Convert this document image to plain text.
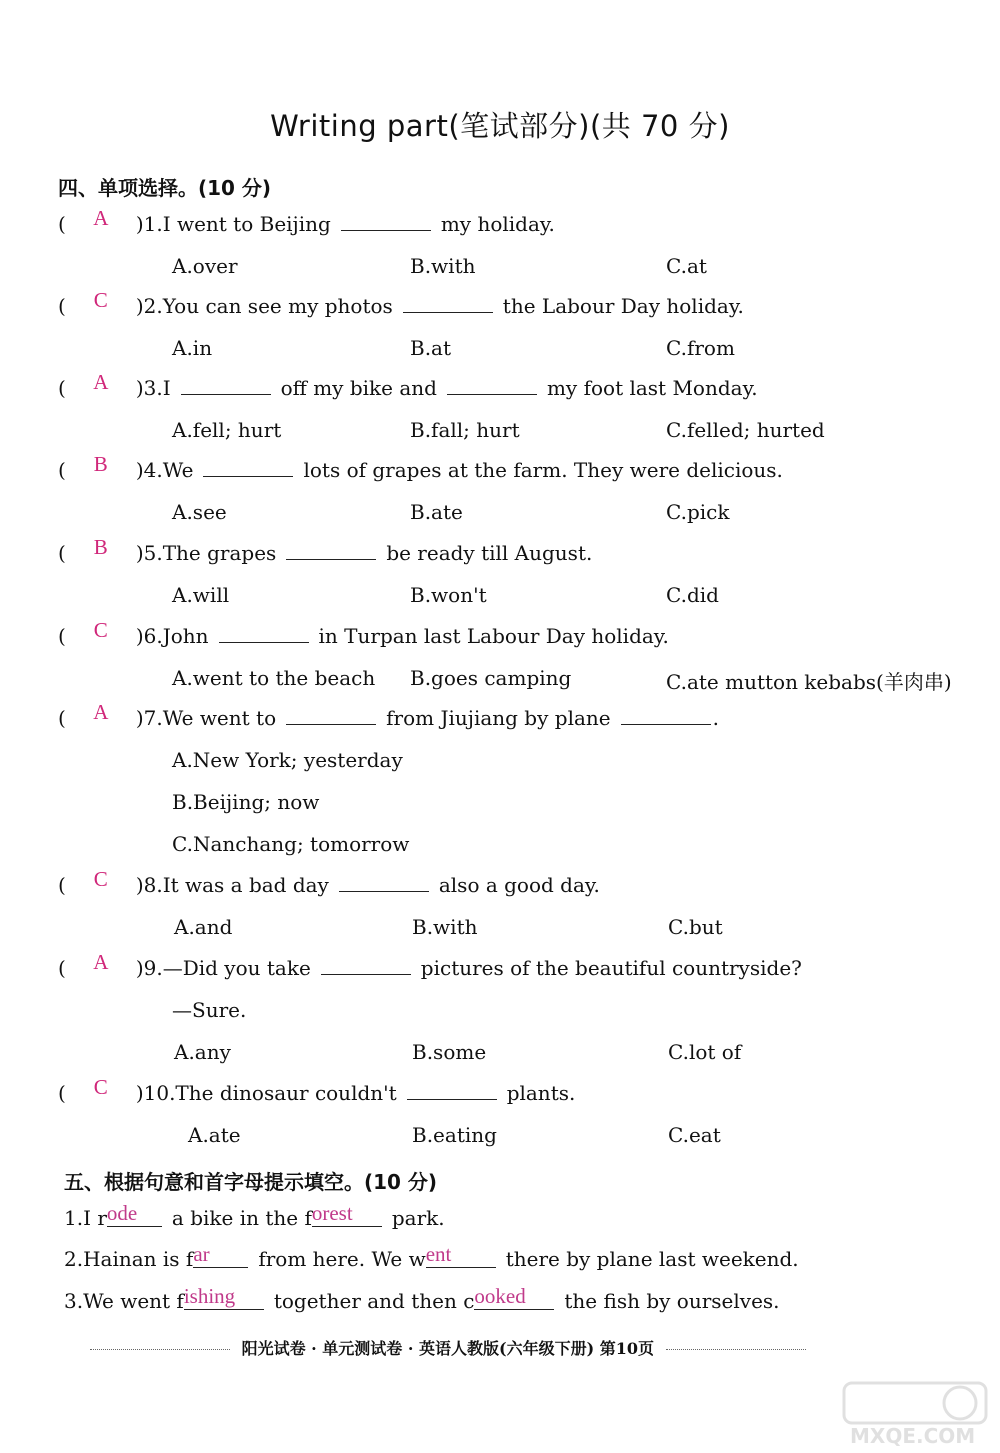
Writing part(笔试部分)(共 70 分)
四、单项选择。(10 分)
( A )1.I went to Beijing	my holiday.
A.over	B.with	C.at
( C )2.You can see my photos	the Labour Day holiday.
A.in	B.at	C.from
( A )3.I	off my bike and	my foot last Monday.
A.fell; hurt	B.fall; hurt	C.felled; hurted
( B )4.We	lots of grapes at the farm. They were delicious.
A.see	B.ate	C.pick
( B )5.The grapes	be ready till August.
A.will	B.won't	C.did
( C )6.John	in Turpan last Labour Day holiday.
A.went to the beach B.goes camping	C.ate mutton kebabs(羊肉串)
( A )7.We went to	from Jiujiang by plane	.
A.New York; yesterday
B.Beijing; now
C.Nanchang; tomorrow
( C )8.It was a bad day	also a good day.
A.and	B.with	C.but
( A )9.—Did you take	pictures of the beautiful countryside?
—Sure.
A.any	B.some	C.lot of
( C )10.The dinosaur couldn't	plants.
A.ate	B.eating	C.eat
五、根据句意和首字母提示填空。(10 分)
1.I rode a bike in the forest park.
2.Hainan is far from here. We went	there by plane last weekend.
3.We went fishing together and then cooked the fish by ourselves.
阳光试卷 · 单元测试卷 · 英语人教版(六年级下册) 第10页
MXQE.COM
